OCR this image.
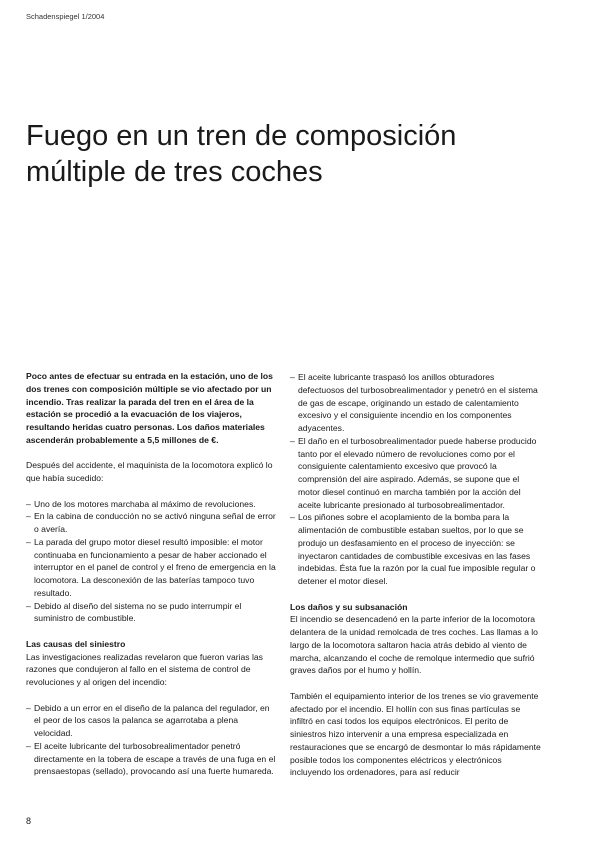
Schadenspiegel 1/2004
Fuego en un tren de composición
múltiple de tres coches

Poco antes de efectuar su entrada en la estación, uno de los dos trenes con composición múltiple se vio afectado por un incendio. Tras realizar la parada del tren en el área de la estación se procedió a la evacuación de los viajeros, resultando heridas cuatro personas. Los daños materiales ascenderán probablemente a 5,5 millones de €.

Después del accidente, el maquinista de la locomotora explicó lo que había sucedido:

– Uno de los motores marchaba al máximo de revoluciones.
– En la cabina de conducción no se activó ninguna señal de error o avería.
– La parada del grupo motor diesel resultó imposible: el motor continuaba en funcionamiento a pesar de haber accionado el interruptor en el panel de control y el freno de emergencia en la locomotora. La desconexión de las baterías tampoco tuvo resultado.
– Debido al diseño del sistema no se pudo interrumpir el suministro de combustible.

Las causas del siniestro

Las investigaciones realizadas revelaron que fueron varias las razones que condujeron al fallo en el sistema de control de revoluciones y al origen del incendio:

– Debido a un error en el diseño de la palanca del regulador, en el peor de los casos la palanca se agarrotaba a plena velocidad.
– El aceite lubricante del turbosobrealimentador penetró directamente en la tobera de escape a través de una fuga en el prensaestopas (sellado), provocando así una fuerte humareda.
– El aceite lubricante traspasó los anillos obturadores defectuosos del turbosobrealimentador y penetró en el sistema de gas de escape, originando un estado de calentamiento excesivo y el consiguiente incendio en los componentes adyacentes.
– El daño en el turbosobrealimentador puede haberse producido tanto por el elevado número de revoluciones como por el consiguiente calentamiento excesivo que provocó la comprensión del aire aspirado. Además, se supone que el motor diesel continuó en marcha también por la acción del aceite lubricante presionado al turbosobrealimentador.
– Los piñones sobre el acoplamiento de la bomba para la alimentación de combustible estaban sueltos, por lo que se produjo un desfasamiento en el proceso de inyección: se inyectaron cantidades de combustible excesivas en las fases indebidas. Ésta fue la razón por la cual fue imposible regular o detener el motor diesel.

Los daños y su subsanación

El incendio se desencadenó en la parte inferior de la locomotora delantera de la unidad remolcada de tres coches. Las llamas a lo largo de la locomotora saltaron hacia atrás debido al viento de marcha, alcanzando el coche de remolque intermedio que sufrió graves daños por el humo y hollín.

También el equipamiento interior de los trenes se vio gravemente afectado por el incendio. El hollín con sus finas partículas se infiltró en casi todos los equipos electrónicos. El perito de siniestros hizo intervenir a una empresa especializada en restauraciones que se encargó de desmontar lo más rápidamente posible todos los componentes eléctricos y electrónicos incluyendo los ordenadores, para así reducir

8
